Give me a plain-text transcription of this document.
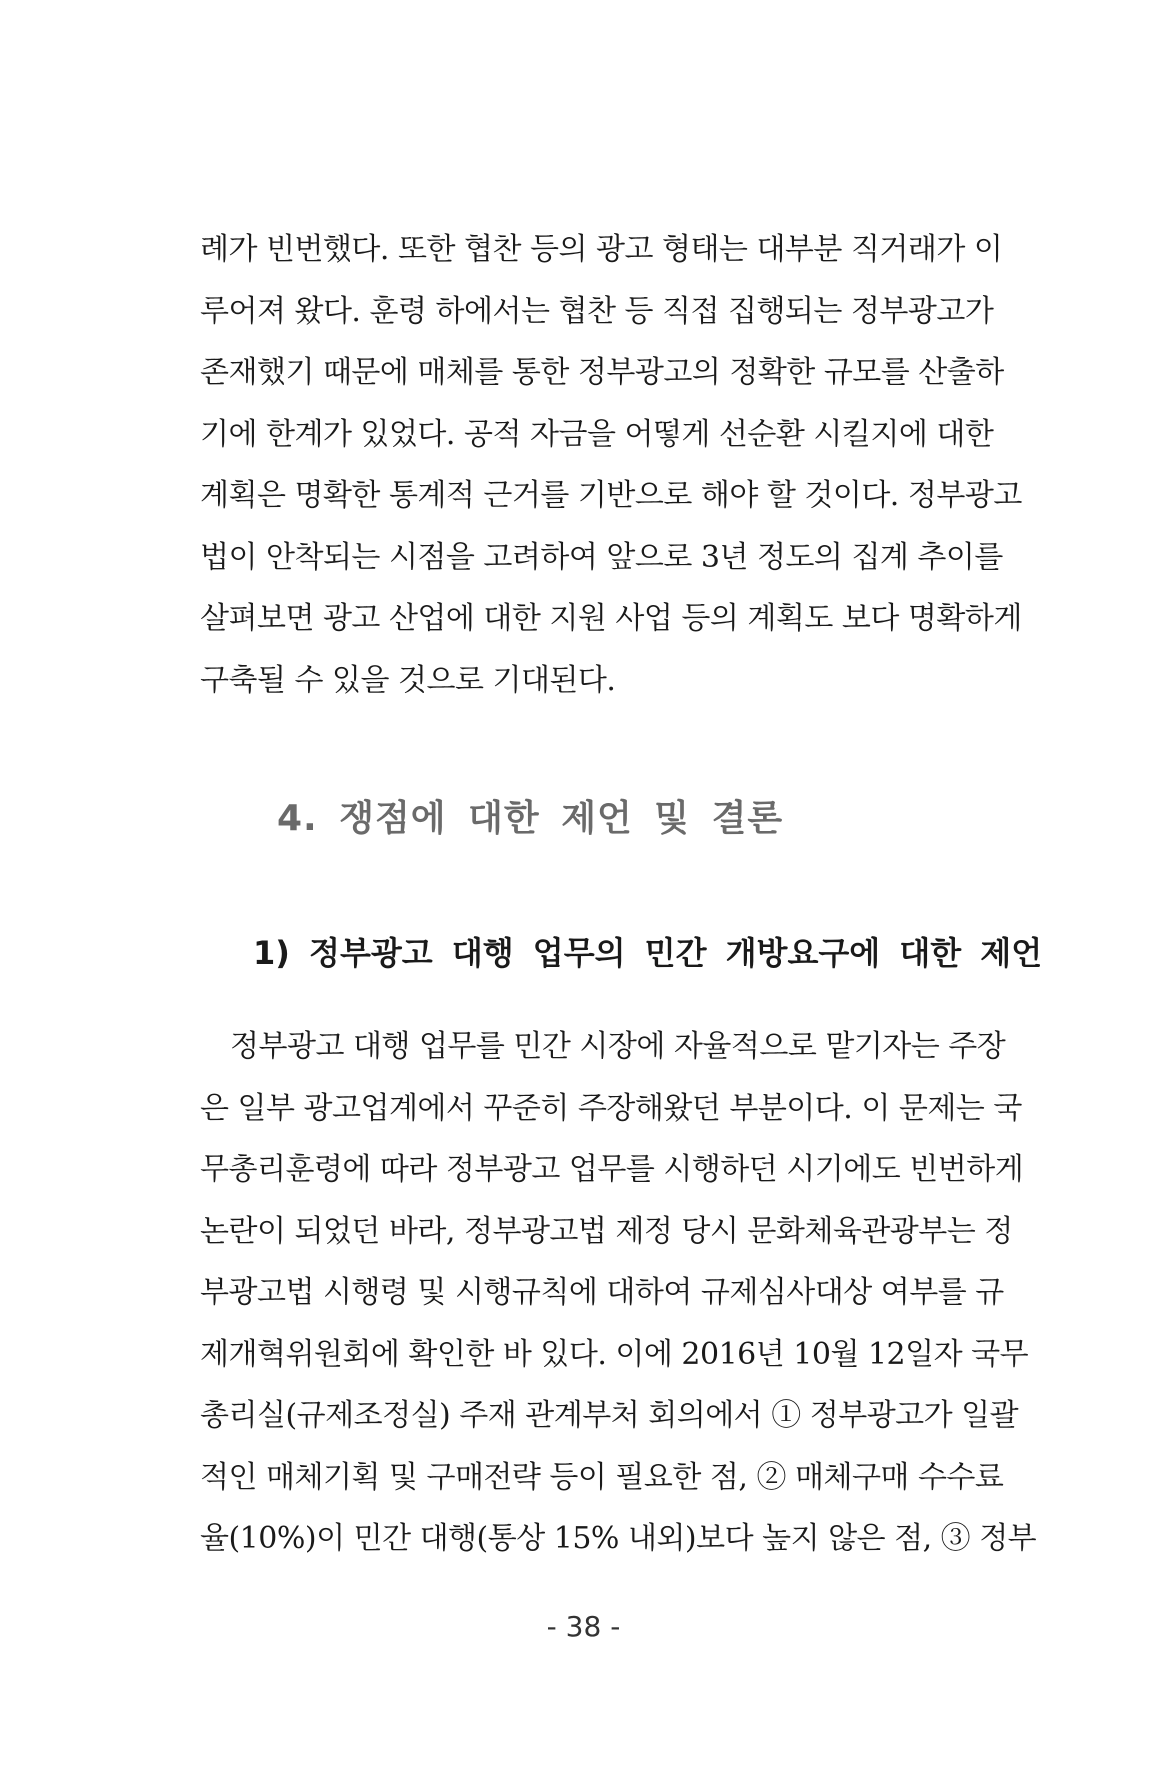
례가 빈번했다. 또한 협찬 등의 광고 형태는 대부분 직거래가 이
루어져 왔다. 훈령 하에서는 협찬 등 직접 집행되는 정부광고가
존재했기 때문에 매체를 통한 정부광고의 정확한 규모를 산출하
기에 한계가 있었다. 공적 자금을 어떻게 선순환 시킬지에 대한
계획은 명확한 통계적 근거를 기반으로 해야 할 것이다. 정부광고
법이 안착되는 시점을 고려하여 앞으로 3년 정도의 집계 추이를
살펴보면 광고 산업에 대한 지원 사업 등의 계획도 보다 명확하게
구축될 수 있을 것으로 기대된다.
4. 쟁점에 대한 제언 및 결론
1) 정부광고 대행 업무의 민간 개방요구에 대한 제언
정부광고 대행 업무를 민간 시장에 자율적으로 맡기자는 주장
은 일부 광고업계에서 꾸준히 주장해왔던 부분이다. 이 문제는 국
무총리훈령에 따라 정부광고 업무를 시행하던 시기에도 빈번하게
논란이 되었던 바라, 정부광고법 제정 당시 문화체육관광부는 정
부광고법 시행령 및 시행규칙에 대하여 규제심사대상 여부를 규
제개혁위원회에 확인한 바 있다. 이에 2016년 10월 12일자 국무
총리실(규제조정실) 주재 관계부처 회의에서 ① 정부광고가 일괄
적인 매체기획 및 구매전략 등이 필요한 점, ② 매체구매 수수료
율(10%)이 민간 대행(통상 15% 내외)보다 높지 않은 점, ③ 정부
- 38 -
